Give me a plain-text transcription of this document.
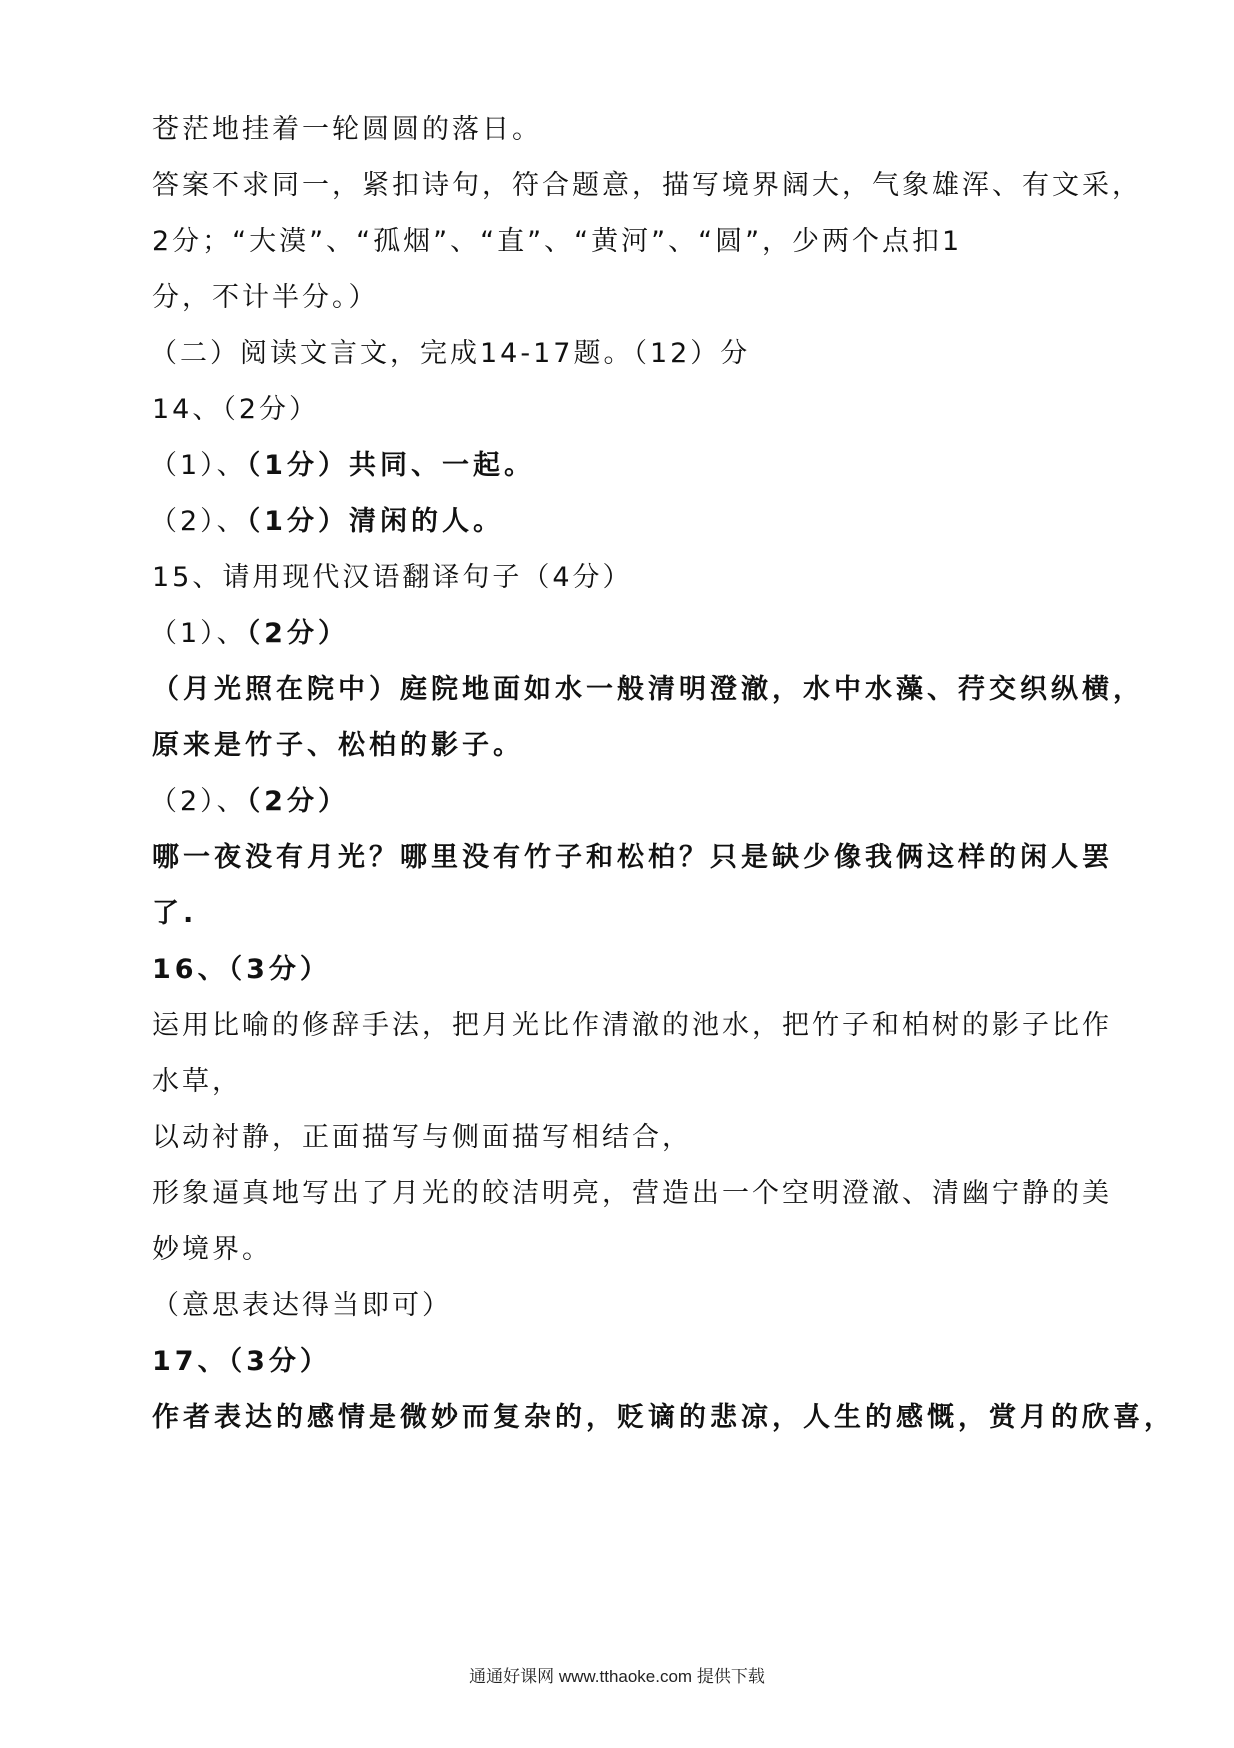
苍茫地挂着一轮圆圆的落日。
答案不求同一，紧扣诗句，符合题意，描写境界阔大，气象雄浑、有文采，
2分；“大漠”、“孤烟”、“直”、“黄河”、“圆”，少两个点扣1
分，不计半分。）
（二）阅读文言文，完成14-17题。（12）分
14、（2分）
（1）、（1分）共同、一起。
（2）、（1分）清闲的人。
15、请用现代汉语翻译句子（4分）
（1）、（2分）
（月光照在院中）庭院地面如水一般清明澄澈，水中水藻、荇交织纵横，
原来是竹子、松柏的影子。
（2）、（2分）
哪一夜没有月光？哪里没有竹子和松柏？只是缺少像我俩这样的闲人罢
了.
16、（3分）
运用比喻的修辞手法，把月光比作清澈的池水，把竹子和柏树的影子比作
水草，
以动衬静，正面描写与侧面描写相结合，
形象逼真地写出了月光的皎洁明亮，营造出一个空明澄澈、清幽宁静的美
妙境界。
（意思表达得当即可）
17、（3分）
作者表达的感情是微妙而复杂的，贬谪的悲凉，人生的感慨，赏月的欣喜，
通通好课网 www.tthaoke.com 提供下载
